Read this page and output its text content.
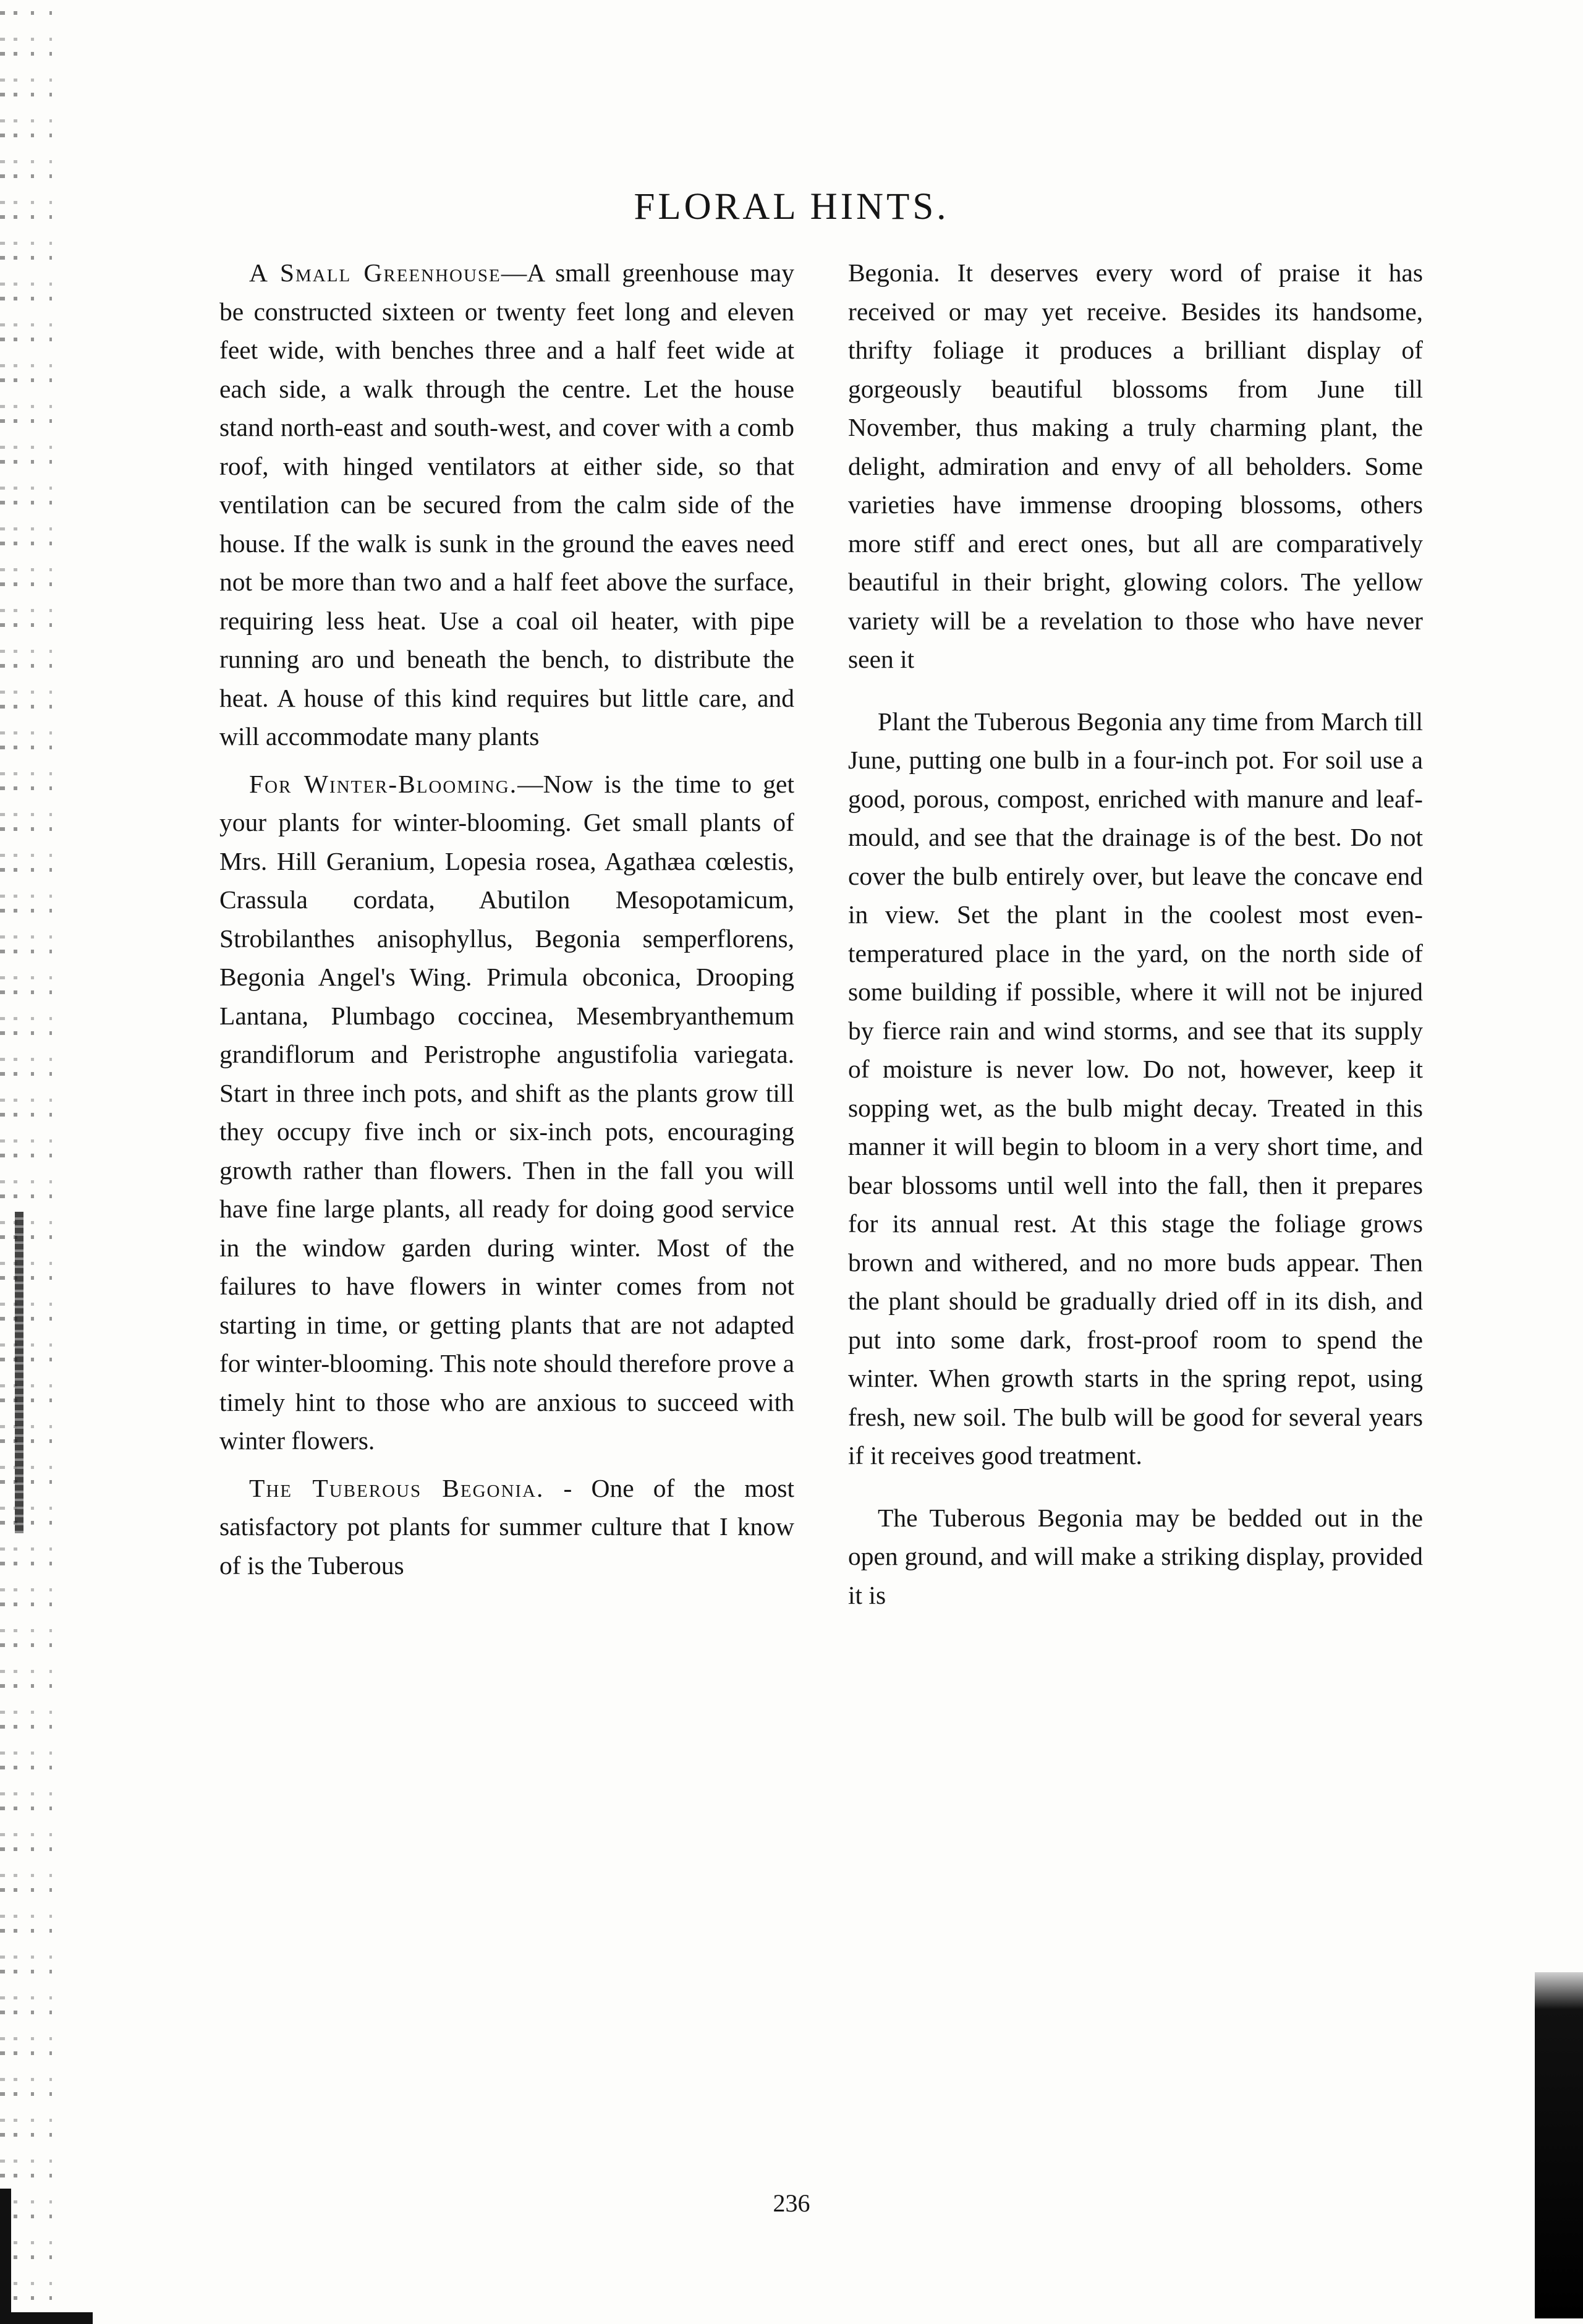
FLORAL HINTS.

A Small Greenhouse—A small greenhouse may be constructed sixteen or twenty feet long and eleven feet wide, with benches three and a half feet wide at each side, a walk through the centre. Let the house stand north-east and south-west, and cover with a comb roof, with hinged ventilators at either side, so that ventilation can be secured from the calm side of the house. If the walk is sunk in the ground the eaves need not be more than two and a half feet above the surface, requiring less heat. Use a coal oil heater, with pipe running aro und beneath the bench, to distribute the heat. A house of this kind requires but little care, and will accommodate many plants

For Winter-Blooming.—Now is the time to get your plants for winter-blooming. Get small plants of Mrs. Hill Geranium, Lopesia rosea, Agathæa cœlestis, Crassula cordata, Abutilon Mesopotamicum, Strobilanthes anisophyllus, Begonia semperflorens, Begonia Angel's Wing. Primula obconica, Drooping Lantana, Plumbago coccinea, Mesembryanthemum grandiflorum and Peristrophe angustifolia variegata. Start in three inch pots, and shift as the plants grow till they occupy five inch or six-inch pots, encouraging growth rather than flowers. Then in the fall you will have fine large plants, all ready for doing good service in the window garden during winter. Most of the failures to have flowers in winter comes from not starting in time, or getting plants that are not adapted for winter-blooming. This note should therefore prove a timely hint to those who are anxious to succeed with winter flowers.

The Tuberous Begonia. - One of the most satisfactory pot plants for summer culture that I know of is the Tuberous

Begonia. It deserves every word of praise it has received or may yet receive. Besides its handsome, thrifty foliage it produces a brilliant display of gorgeously beautiful blossoms from June till November, thus making a truly charming plant, the delight, admiration and envy of all beholders. Some varieties have immense drooping blossoms, others more stiff and erect ones, but all are comparatively beautiful in their bright, glowing colors. The yellow variety will be a revelation to those who have never seen it

Plant the Tuberous Begonia any time from March till June, putting one bulb in a four-inch pot. For soil use a good, porous, compost, enriched with manure and leaf-mould, and see that the drainage is of the best. Do not cover the bulb entirely over, but leave the concave end in view. Set the plant in the coolest most even-temperatured place in the yard, on the north side of some building if possible, where it will not be injured by fierce rain and wind storms, and see that its supply of moisture is never low. Do not, however, keep it sopping wet, as the bulb might decay. Treated in this manner it will begin to bloom in a very short time, and bear blossoms until well into the fall, then it prepares for its annual rest. At this stage the foliage grows brown and withered, and no more buds appear. Then the plant should be gradually dried off in its dish, and put into some dark, frost-proof room to spend the winter. When growth starts in the spring repot, using fresh, new soil. The bulb will be good for several years if it receives good treatment.

The Tuberous Begonia may be bedded out in the open ground, and will make a striking display, provided it is

236
